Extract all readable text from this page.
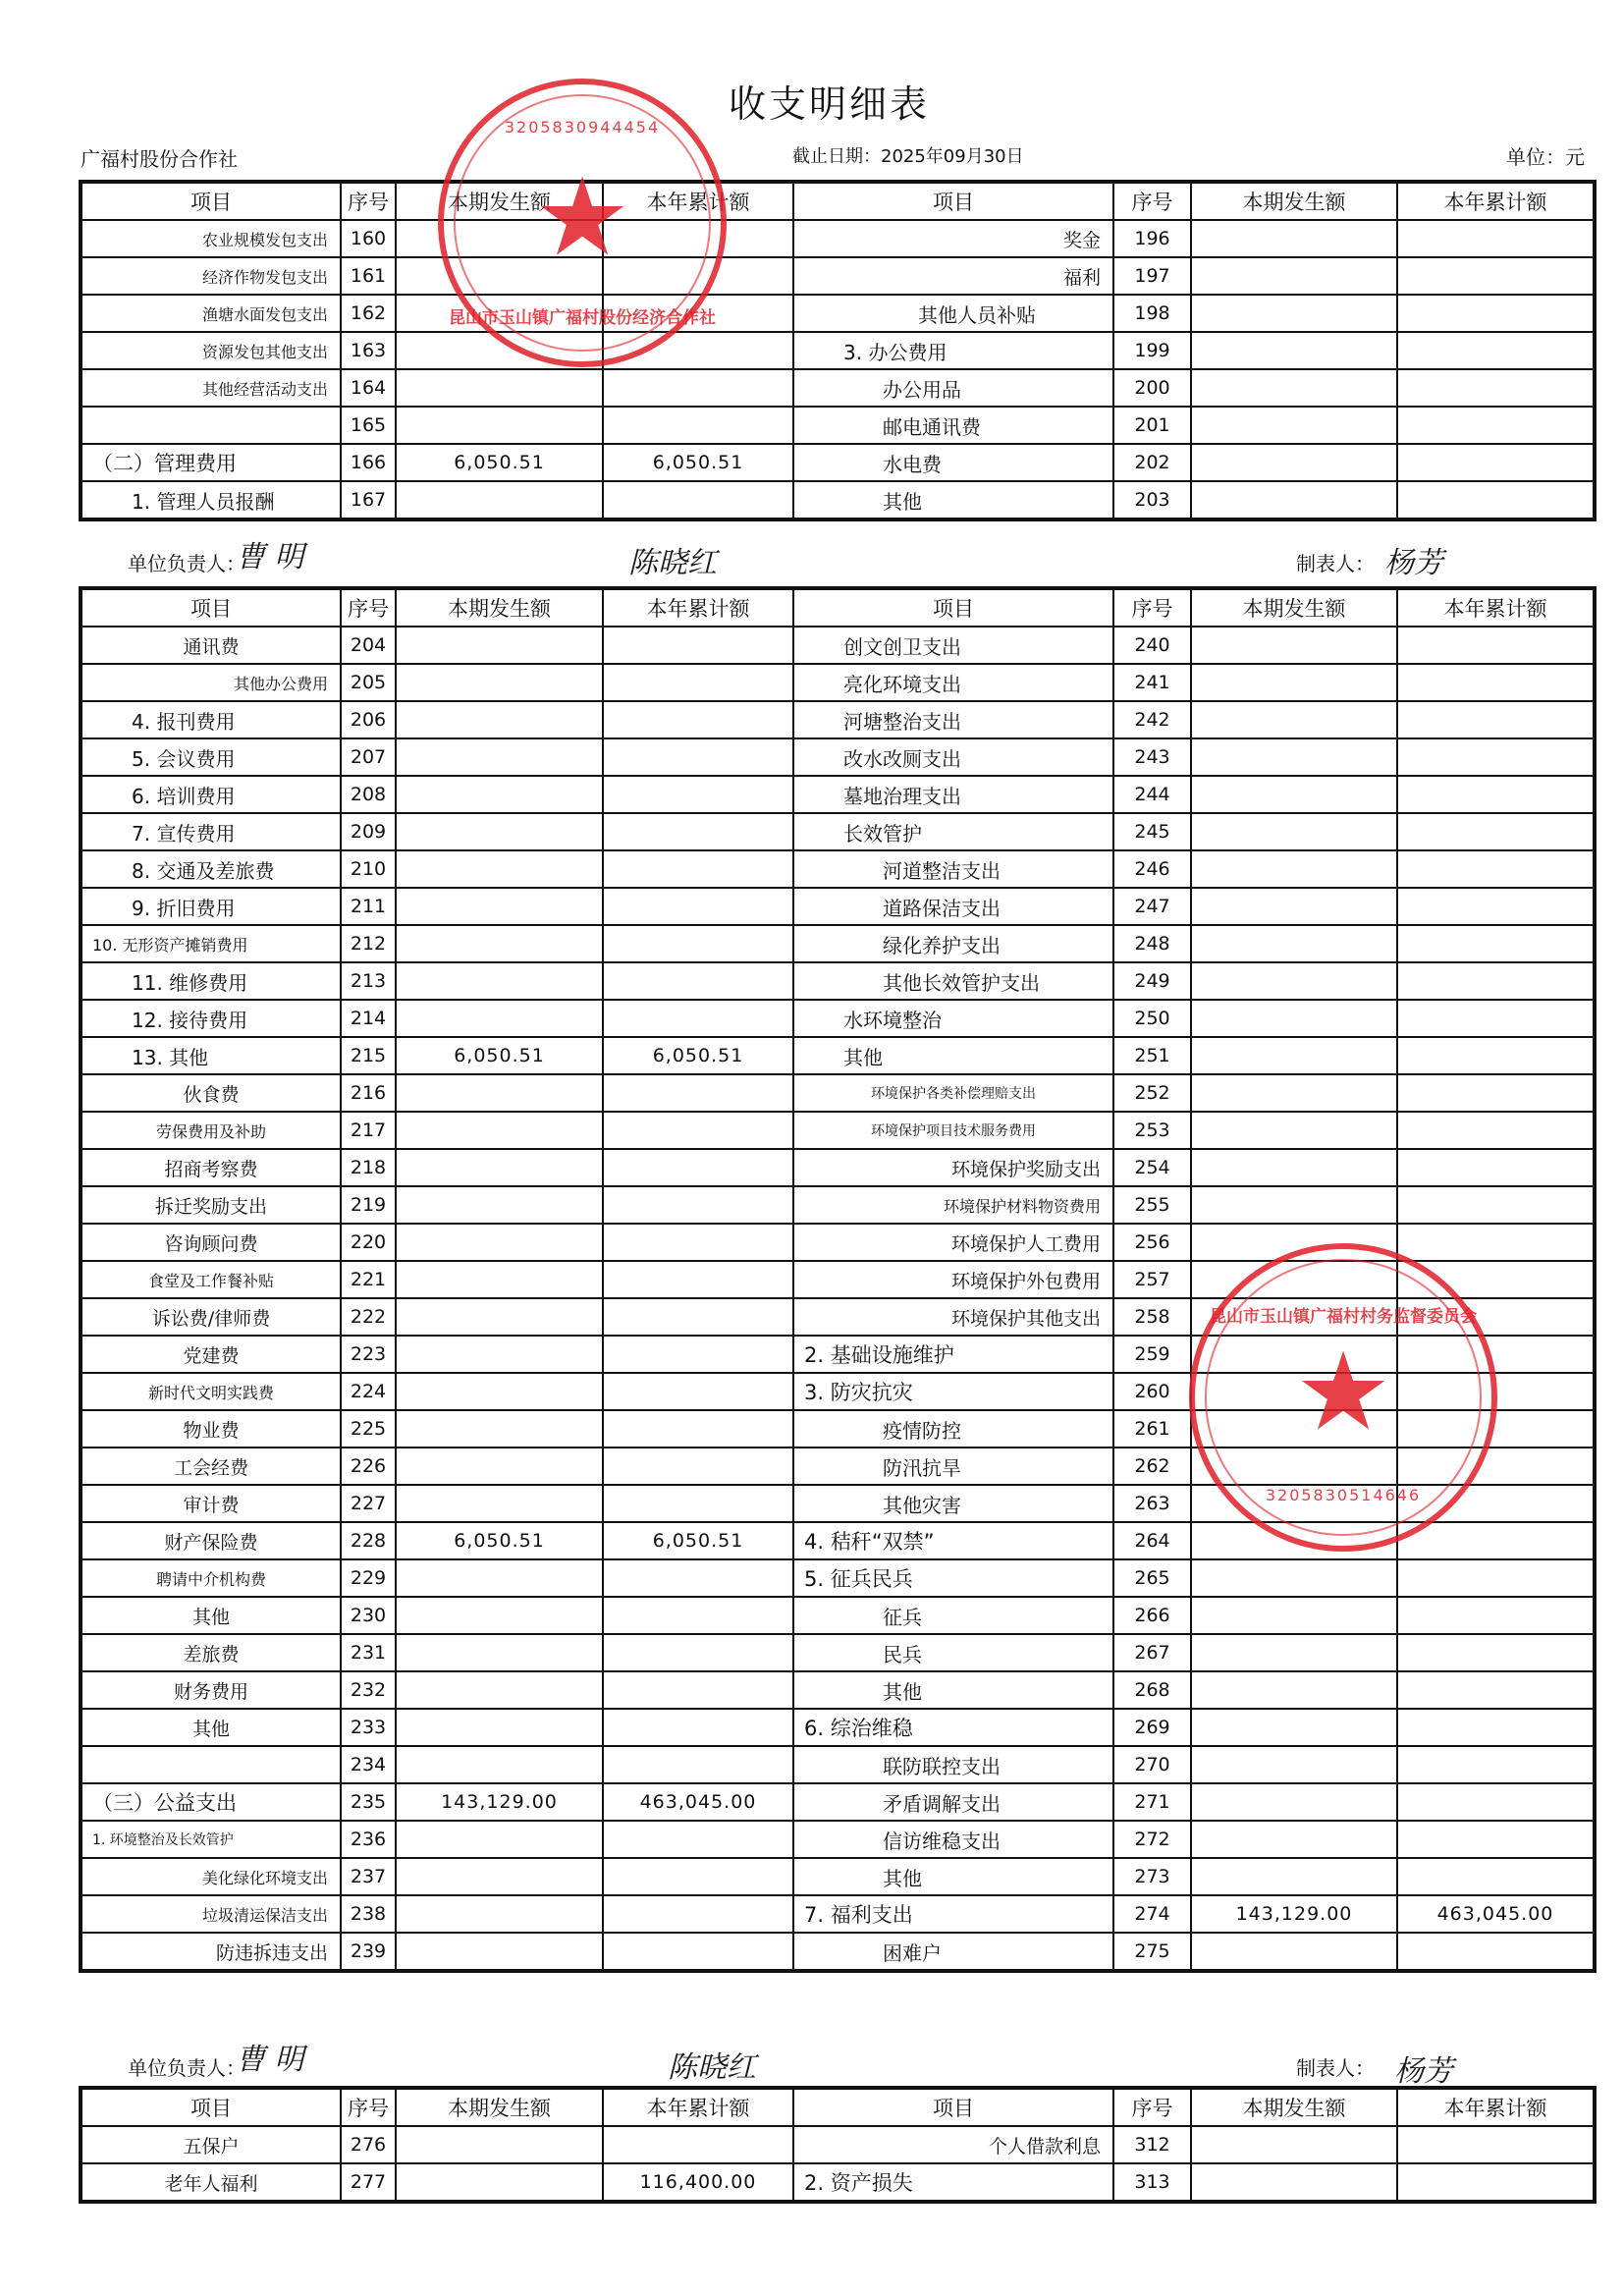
收支明细表
广福村股份合作社	截止日期：2025年09月30日	单位：元
项目	序号	本期发生额	本年累计额	项目	序号	本期发生额	本年累计额
农业规模发包支出	160			奖金	196		
经济作物发包支出	161			福利	197		
渔塘水面发包支出	162			其他人员补贴	198		
资源发包其他支出	163			3. 办公费用	199		
其他经营活动支出	164			办公用品	200		
	165			邮电通讯费	201		
（二）管理费用	166	6,050.51	6,050.51	水电费	202		
1. 管理人员报酬	167			其他	203		
单位负责人：
曹 明	陈晓红	制表人： 杨芳
项目	序号	本期发生额	本年累计额	项目	序号	本期发生额	本年累计额
通讯费	204			创文创卫支出	240		
其他办公费用	205			亮化环境支出	241		
4. 报刊费用	206			河塘整治支出	242		
5. 会议费用	207			改水改厕支出	243		
6. 培训费用	208			墓地治理支出	244		
7. 宣传费用	209			长效管护	245		
8. 交通及差旅费	210			河道整洁支出	246		
9. 折旧费用	211			道路保洁支出	247		
10. 无形资产摊销费用	212			绿化养护支出	248		
11. 维修费用	213			其他长效管护支出	249		
12. 接待费用	214			水环境整治	250		
13. 其他	215	6,050.51	6,050.51	其他	251		
伙食费	216			环境保护各类补偿理赔支出	252		
劳保费用及补助	217			环境保护项目技术服务费用	253		
招商考察费	218			环境保护奖励支出	254		
拆迁奖励支出	219			环境保护材料物资费用	255		
咨询顾问费	220			环境保护人工费用	256		
食堂及工作餐补贴	221			环境保护外包费用	257		
诉讼费/律师费	222			环境保护其他支出	258		
党建费	223			2. 基础设施维护	259		
新时代文明实践费	224			3. 防灾抗灾	260		
物业费	225			疫情防控	261		
工会经费	226			防汛抗旱	262		
审计费	227			其他灾害	263		
财产保险费	228	6,050.51	6,050.51	4. 秸秆“双禁”	264		
聘请中介机构费	229			5. 征兵民兵	265		
其他	230			征兵	266		
差旅费	231			民兵	267		
财务费用	232			其他	268		
其他	233			6. 综治维稳	269		
	234			联防联控支出	270		
（三）公益支出	235	143,129.00	463,045.00	矛盾调解支出	271		
1. 环境整治及长效管护	236			信访维稳支出	272		
美化绿化环境支出	237			其他	273		
垃圾清运保洁支出	238			7. 福利支出	274	143,129.00	463,045.00
防违拆违支出	239			困难户	275		
单位负责人：
曹 明	陈晓红	制表人： 杨芳
项目	序号	本期发生额	本年累计额	项目	序号	本期发生额	本年累计额
五保户	276			个人借款利息	312		
老年人福利	277		116,400.00	2. 资产损失	313		
3205830944454
★
昆山市玉山镇广福村股份经济合作社
昆山市玉山镇广福村村务监督委员会
★
3205830514646
